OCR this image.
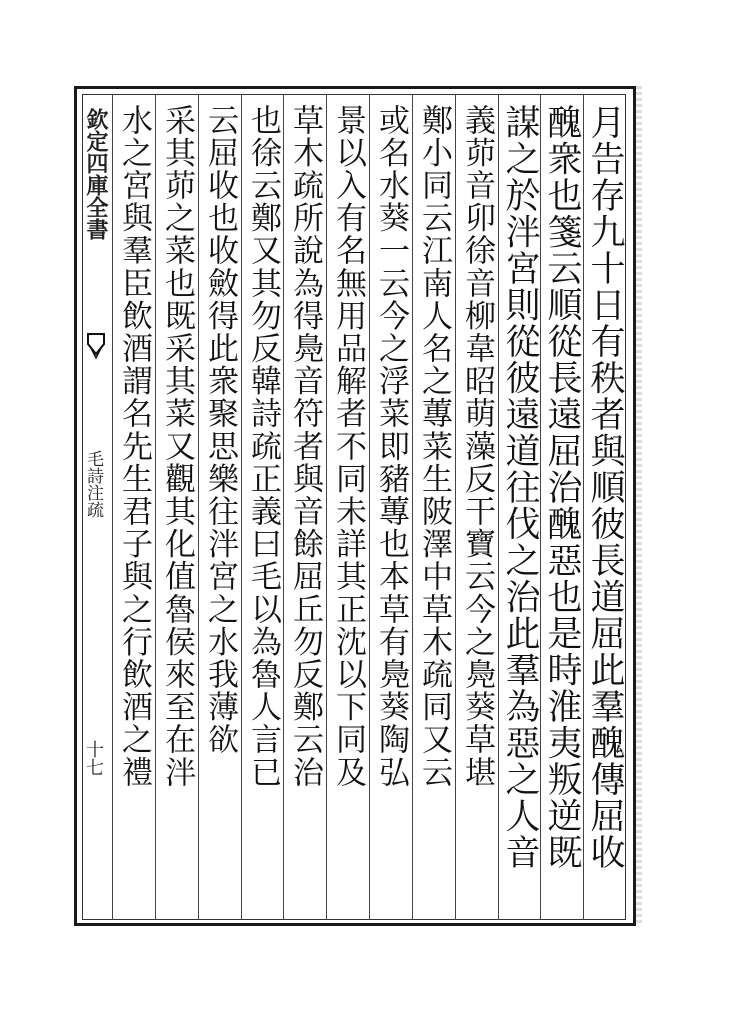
欽定四庫全書
毛詩注疏
十七	月告存九十日有秩者與順彼長道屈此羣醜傳屈收
醜衆也箋云順從長遠屈治醜惡也是時淮夷叛逆既
謀之於泮宮則從彼遠道往伐之治此羣為惡之人音
義茆音卯徐音柳韋昭萌藻反干寶云今之鳧葵草堪
鄭小同云江南人名之蓴菜生陂澤中草木疏同又云
或名水葵一云今之浮菜即豬蓴也本草有鳧葵陶弘
景以入有名無用品解者不同未詳其正沈以下同及
草木疏所說為得鳧音符者與音餘屈丘勿反鄭云治
也徐云鄭又其勿反韓詩疏正義曰毛以為魯人言已
云屈收也收斂得此衆聚思樂往泮宮之水我薄欲
采其茆之菜也既采其菜又觀其化值魯侯來至在泮
水之宮與羣臣飲酒謂名先生君子與之行飲酒之禮
